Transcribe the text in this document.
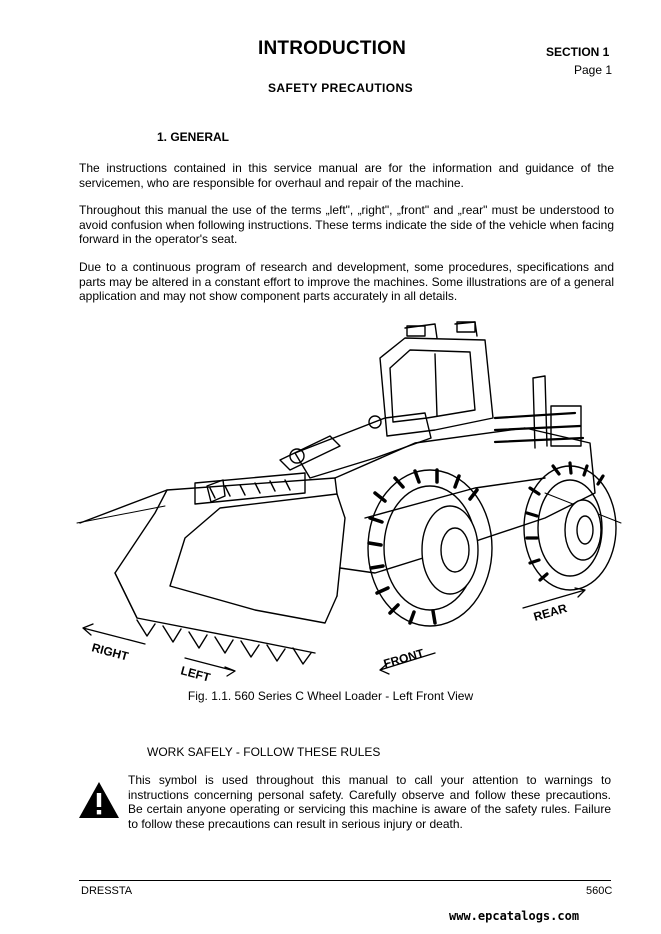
INTRODUCTION	SECTION 1
Page 1
SAFETY PRECAUTIONS
1. GENERAL
The instructions contained in this service manual are for the information and guidance of the servicemen, who are responsible for overhaul and repair of the machine.
Throughout this manual the use of the terms „left", „right", „front" and „rear" must be understood to avoid confusion when following instructions. These terms indicate the side of the vehicle when facing forward in the operator's seat.
Due to a continuous program of research and development, some procedures, specifications and parts may be altered in a constant effort to improve the machines. Some illustrations are of a general application and may not show component parts accurately in all details.
RIGHT
LEFT
FRONT
REAR
Fig. 1.1. 560 Series C Wheel Loader - Left Front View
WORK SAFELY - FOLLOW THESE RULES
This symbol is used throughout this manual to call your attention to warnings to instructions concerning personal safety. Carefully observe and follow these precautions. Be certain anyone operating or servicing this machine is aware of the safety rules. Failure to follow these precautions can result in serious injury or death.
DRESSTA	560C
www.epcatalogs.com
